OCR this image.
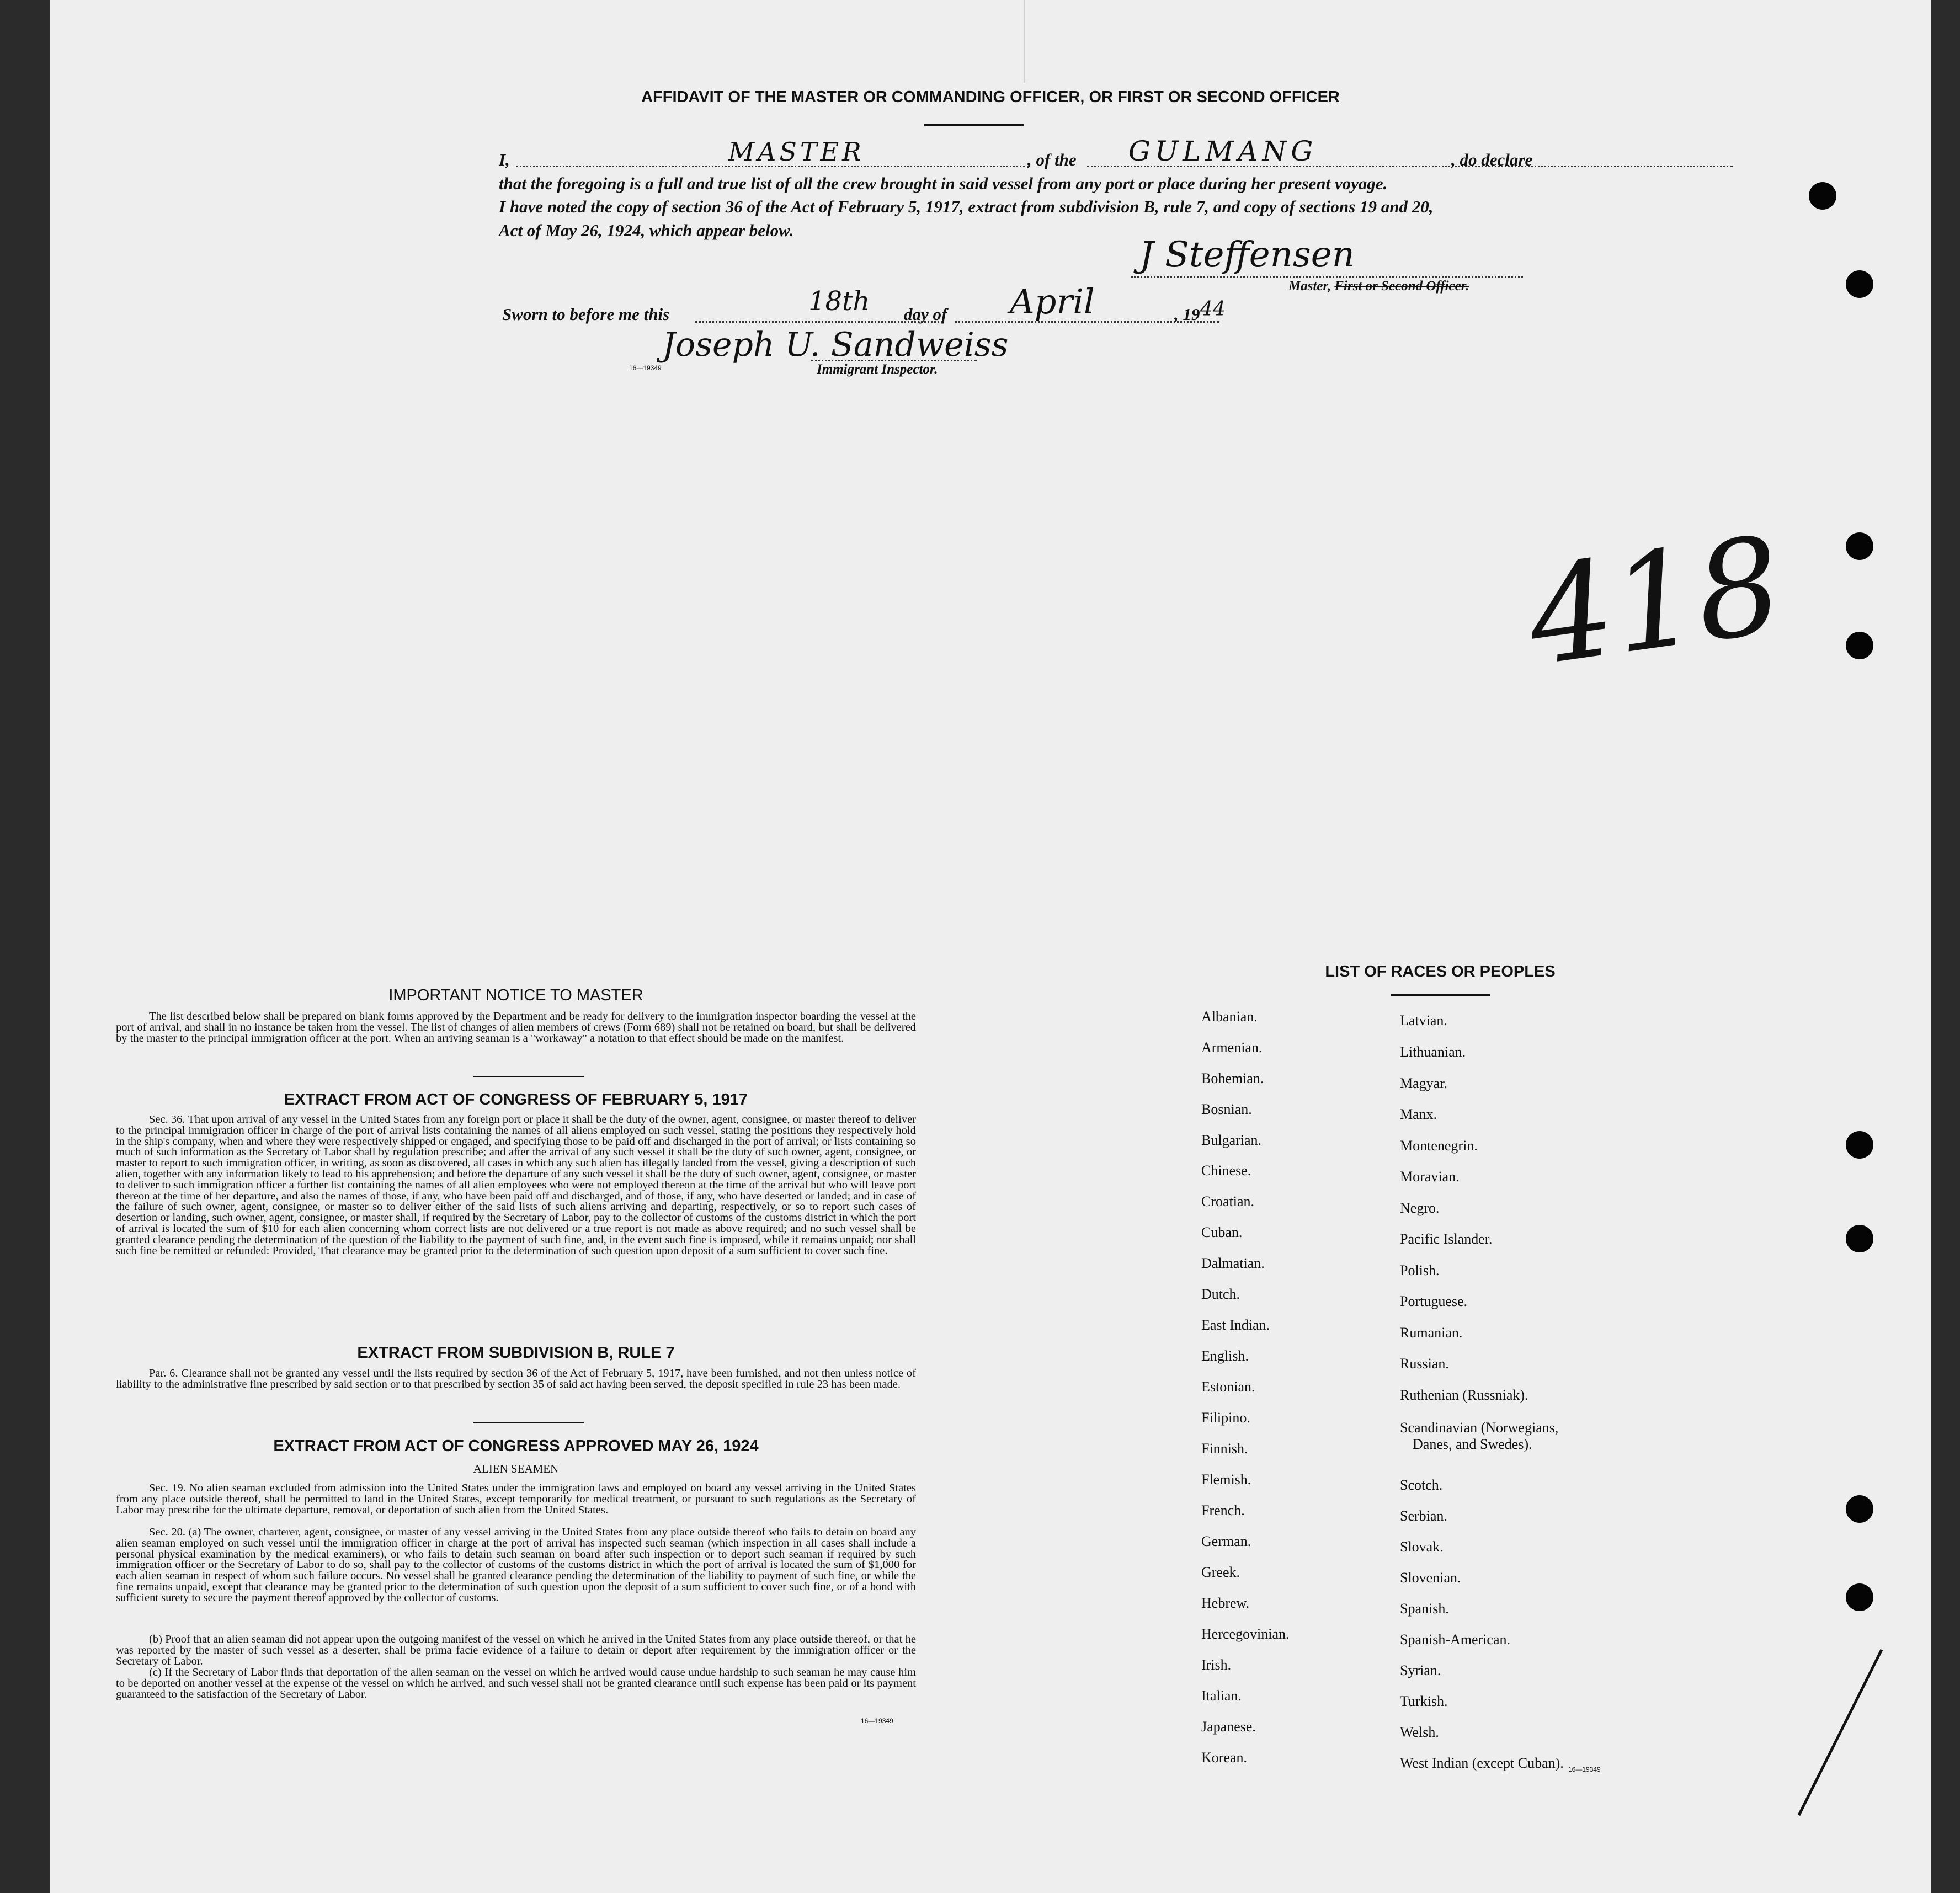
AFFIDAVIT OF THE MASTER OR COMMANDING OFFICER, OR FIRST OR SECOND OFFICER
I,	MASTER	, of the GULMANG	, do declare
that the foregoing is a full and true list of all the crew brought in said vessel from any port or place during her present voyage.
I have noted the copy of section 36 of the Act of February 5, 1917, extract from subdivision B, rule 7, and copy of sections 19 and 20,
Act of May 26, 1924, which appear below.
J Steffensen
Master, First or Second Officer.
Sworn to before me this	18th day of April	, 19 44
Joseph U. Sandweiss
16—19349	Immigrant Inspector.
418
IMPORTANT NOTICE TO MASTER
The list described below shall be prepared on blank forms approved by the Department and be ready for delivery to the immigration inspector boarding the vessel at the port of arrival, and shall in no instance be taken from the vessel. The list of changes of alien members of crews (Form 689) shall not be retained on board, but shall be delivered by the master to the principal immigration officer at the port. When an arriving seaman is a "workaway" a notation to that effect should be made on the manifest.
EXTRACT FROM ACT OF CONGRESS OF FEBRUARY 5, 1917
Sec. 36. That upon arrival of any vessel in the United States from any foreign port or place it shall be the duty of the owner, agent, consignee, or master thereof to deliver to the principal immigration officer in charge of the port of arrival lists containing the names of all aliens employed on such vessel, stating the positions they respectively hold in the ship's company, when and where they were respectively shipped or engaged, and specifying those to be paid off and discharged in the port of arrival; or lists containing so much of such information as the Secretary of Labor shall by regulation prescribe; and after the arrival of any such vessel it shall be the duty of such owner, agent, consignee, or master to report to such immigration officer, in writing, as soon as discovered, all cases in which any such alien has illegally landed from the vessel, giving a description of such alien, together with any information likely to lead to his apprehension; and before the departure of any such vessel it shall be the duty of such owner, agent, consignee, or master to deliver to such immigration officer a further list containing the names of all alien employees who were not employed thereon at the time of the arrival but who will leave port thereon at the time of her departure, and also the names of those, if any, who have been paid off and discharged, and of those, if any, who have deserted or landed; and in case of the failure of such owner, agent, consignee, or master so to deliver either of the said lists of such aliens arriving and departing, respectively, or so to report such cases of desertion or landing, such owner, agent, consignee, or master shall, if required by the Secretary of Labor, pay to the collector of customs of the customs district in which the port of arrival is located the sum of $10 for each alien concerning whom correct lists are not delivered or a true report is not made as above required; and no such vessel shall be granted clearance pending the determination of the question of the liability to the payment of such fine, and, in the event such fine is imposed, while it remains unpaid; nor shall such fine be remitted or refunded: Provided, That clearance may be granted prior to the determination of such question upon deposit of a sum sufficient to cover such fine.
EXTRACT FROM SUBDIVISION B, RULE 7
Par. 6. Clearance shall not be granted any vessel until the lists required by section 36 of the Act of February 5, 1917, have been furnished, and not then unless notice of liability to the administrative fine prescribed by said section or to that prescribed by section 35 of said act having been served, the deposit specified in rule 23 has been made.
EXTRACT FROM ACT OF CONGRESS APPROVED MAY 26, 1924
ALIEN SEAMEN
Sec. 19. No alien seaman excluded from admission into the United States under the immigration laws and employed on board any vessel arriving in the United States from any place outside thereof, shall be permitted to land in the United States, except temporarily for medical treatment, or pursuant to such regulations as the Secretary of Labor may prescribe for the ultimate departure, removal, or deportation of such alien from the United States.
Sec. 20. (a) The owner, charterer, agent, consignee, or master of any vessel arriving in the United States from any place outside thereof who fails to detain on board any alien seaman employed on such vessel until the immigration officer in charge at the port of arrival has inspected such seaman (which inspection in all cases shall include a personal physical examination by the medical examiners), or who fails to detain such seaman on board after such inspection or to deport such seaman if required by such immigration officer or the Secretary of Labor to do so, shall pay to the collector of customs of the customs district in which the port of arrival is located the sum of $1,000 for each alien seaman in respect of whom such failure occurs. No vessel shall be granted clearance pending the determination of the liability to payment of such fine, or while the fine remains unpaid, except that clearance may be granted prior to the determination of such question upon the deposit of a sum sufficient to cover such fine, or of a bond with sufficient surety to secure the payment thereof approved by the collector of customs.
(b) Proof that an alien seaman did not appear upon the outgoing manifest of the vessel on which he arrived in the United States from any place outside thereof, or that he was reported by the master of such vessel as a deserter, shall be prima facie evidence of a failure to detain or deport after requirement by the immigration officer or the Secretary of Labor.
(c) If the Secretary of Labor finds that deportation of the alien seaman on the vessel on which he arrived would cause undue hardship to such seaman he may cause him to be deported on another vessel at the expense of the vessel on which he arrived, and such vessel shall not be granted clearance until such expense has been paid or its payment guaranteed to the satisfaction of the Secretary of Labor.
16—19349
LIST OF RACES OR PEOPLES
Albanian.
Armenian.
Bohemian.
Bosnian.
Bulgarian.
Chinese.
Croatian.
Cuban.
Dalmatian.
Dutch.
East Indian.
English.
Estonian.
Filipino.
Finnish.
Flemish.
French.
German.
Greek.
Hebrew.
Hercegovinian.
Irish.
Italian.
Japanese.
Korean.
Latvian.
Lithuanian.
Magyar.
Manx.
Montenegrin.
Moravian.
Negro.
Pacific Islander.
Polish.
Portuguese.
Rumanian.
Russian.
Ruthenian (Russniak).
Scandinavian (Norwegians,
Danes, and Swedes).
Scotch.
Serbian.
Slovak.
Slovenian.
Spanish.
Spanish-American.
Syrian.
Turkish.
Welsh.
West Indian (except Cuban). 16—19349
